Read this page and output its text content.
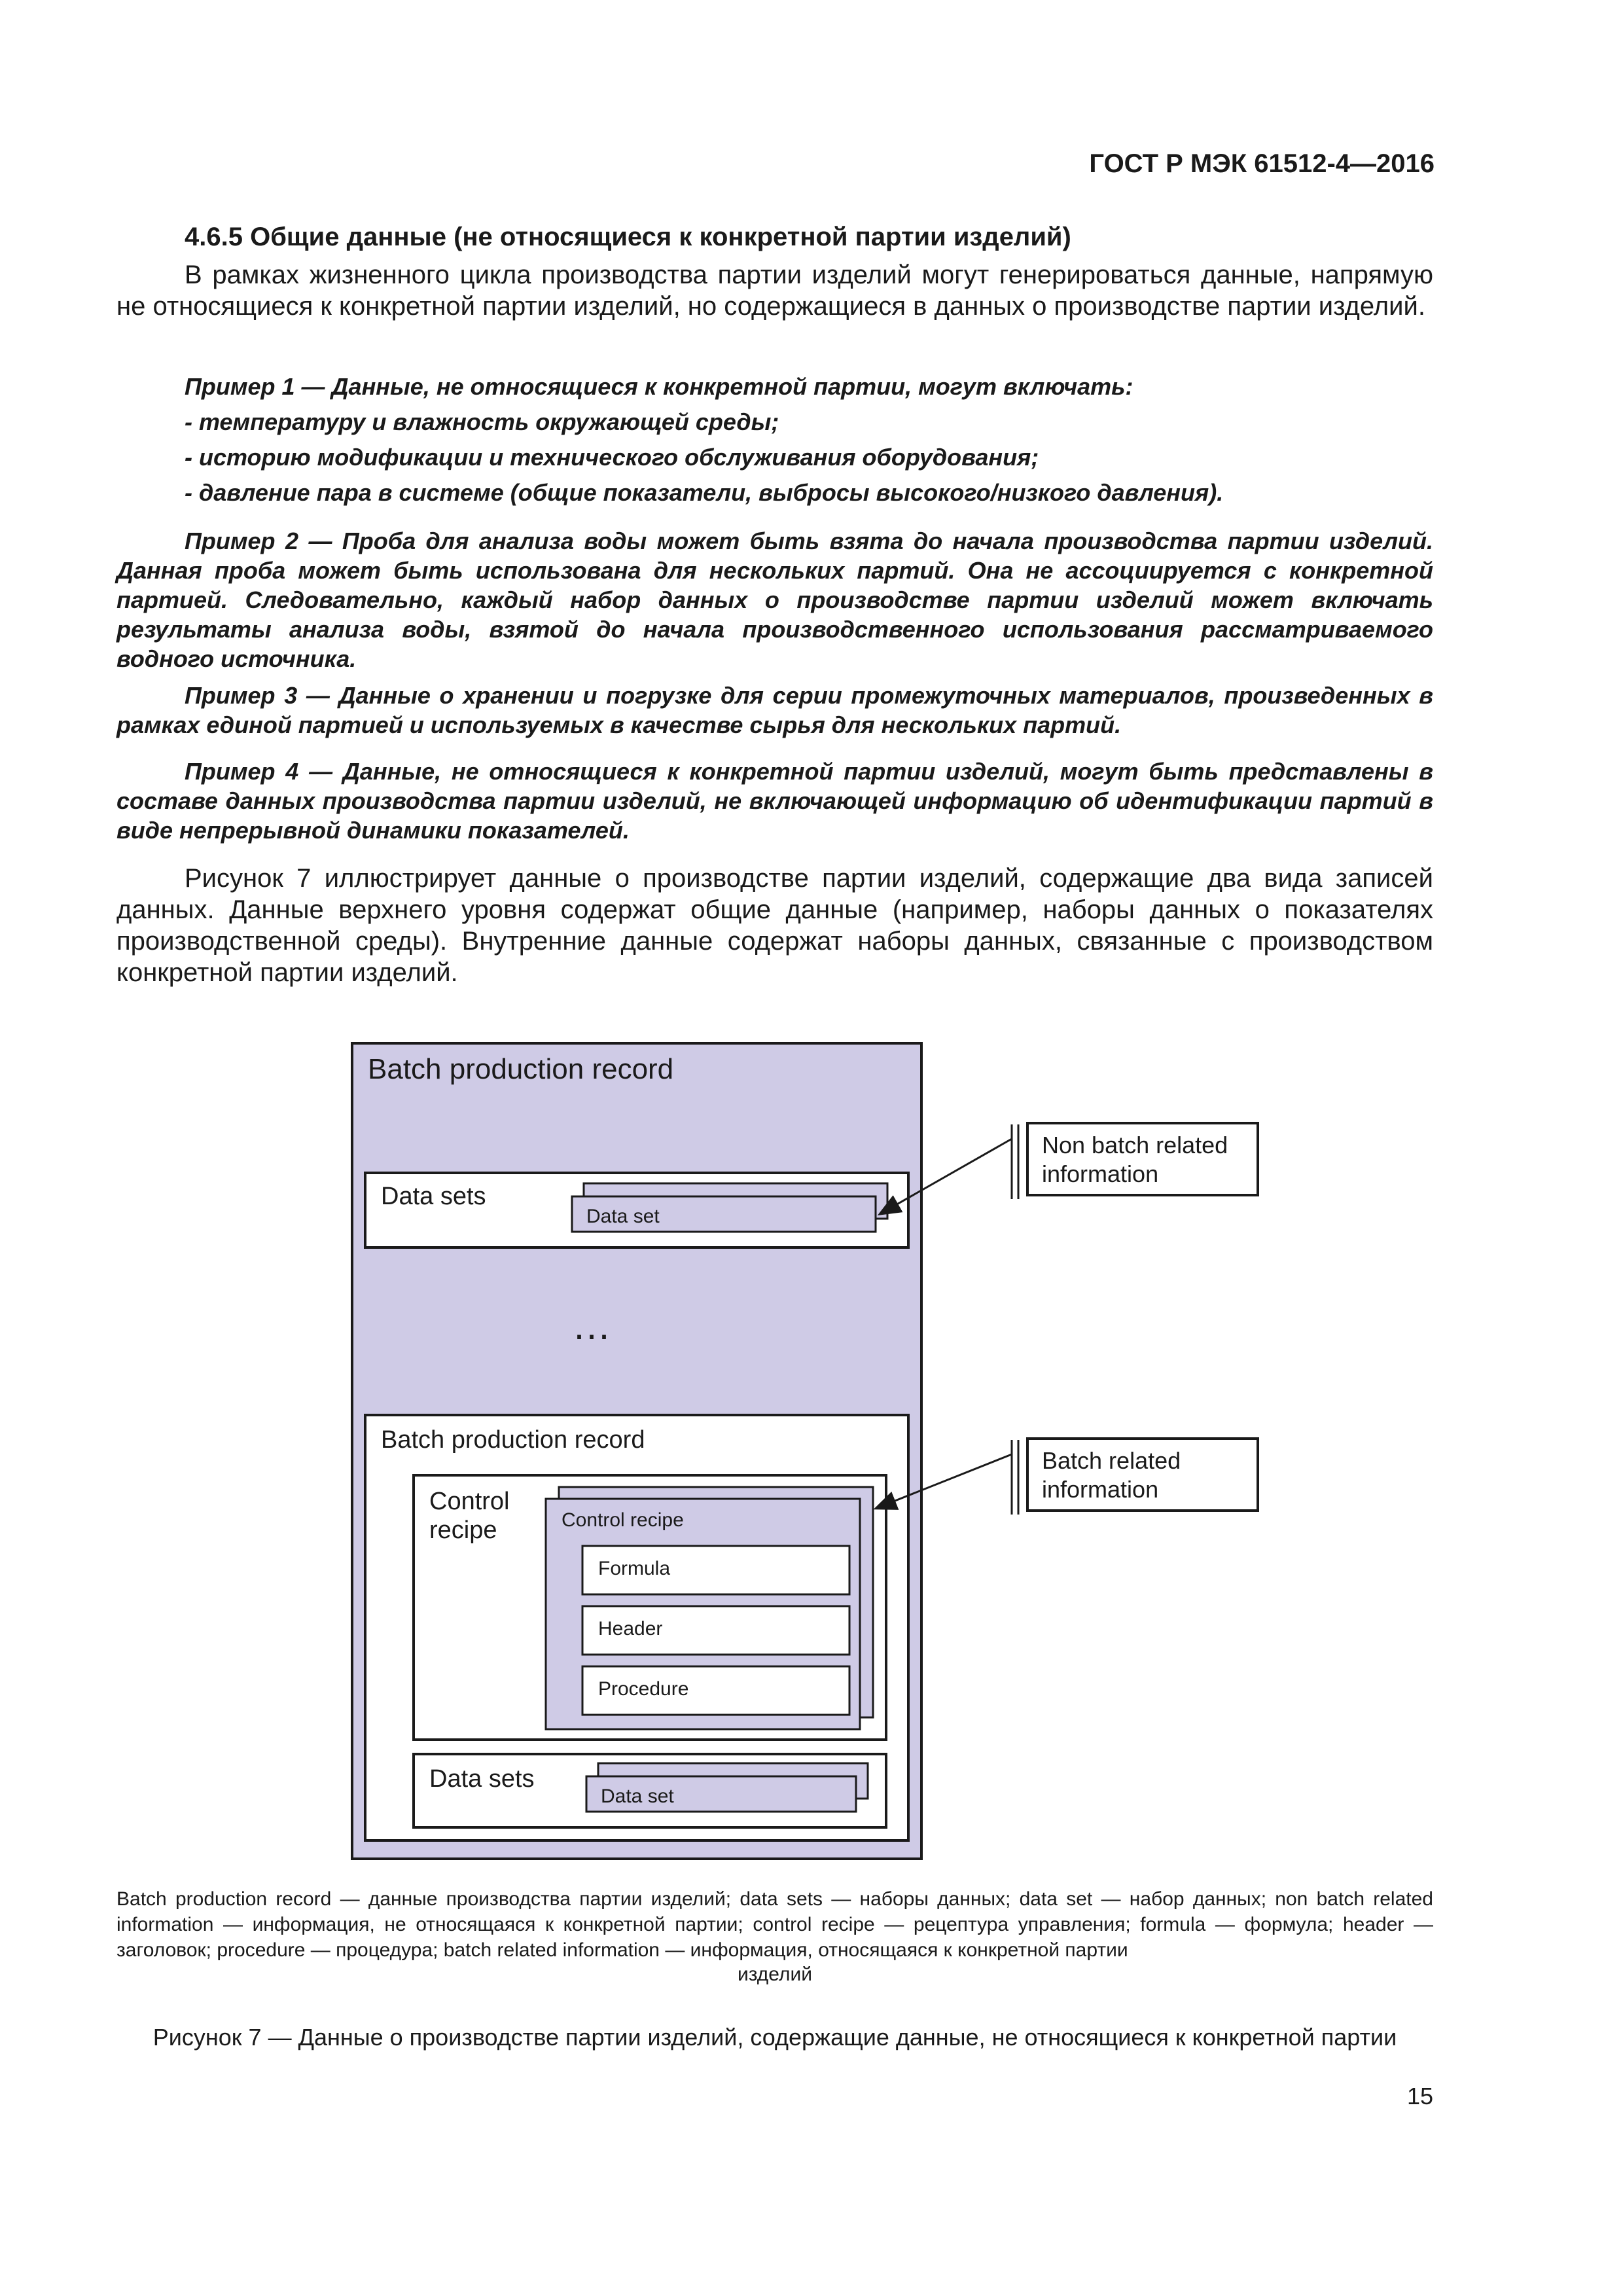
ГОСТ Р МЭК 61512-4—2016
4.6.5 Общие данные (не относящиеся к конкретной партии изделий)
В рамках жизненного цикла производства партии изделий могут генерироваться данные, напрямую не относящиеся к конкретной партии изделий, но содержащиеся в данных о производстве партии изделий.
Пример 1 — Данные, не относящиеся к конкретной партии, могут включать:
- температуру и влажность окружающей среды;
- историю модификации и технического обслуживания оборудования;
- давление пара в системе (общие показатели, выбросы высокого/низкого давления).
Пример 2 — Проба для анализа воды может быть взята до начала производства партии изделий. Данная проба может быть использована для нескольких партий. Она не ассоциируется с конкретной партией. Следовательно, каждый набор данных о производстве партии изделий может включать результаты анализа воды, взятой до начала производственного использования рассматриваемого водного источника.
Пример 3 — Данные о хранении и погрузке для серии промежуточных материалов, произведенных в рамках единой партией и используемых в качестве сырья для нескольких партий.
Пример 4 — Данные, не относящиеся к конкретной партии изделий, могут быть представлены в составе данных производства партии изделий, не включающей информацию об идентификации партий в виде непрерывной динамики показателей.
Рисунок 7 иллюстрирует данные о производстве партии изделий, содержащие два вида записей данных. Данные верхнего уровня содержат общие данные (например, наборы данных о показателях производственной среды). Внутренние данные содержат наборы данных, связанные с производством конкретной партии изделий.
Batch production record
Data sets
Data set
…
Batch production record
Control
recipe	Control recipe
Formula
Header
Procedure
Data sets
Data set
Non batch related
information
Batch related
information
Batch production record — данные производства партии изделий; data sets — наборы данных; data set — набор данных; non batch related information — информация, не относящаяся к конкретной партии; control recipe — рецептура управления; formula — формула; header — заголовок; procedure — процедура; batch related information — информация, относящаяся к конкретной партии
изделий
Рисунок 7 — Данные о производстве партии изделий, содержащие данные, не относящиеся к конкретной партии
15
